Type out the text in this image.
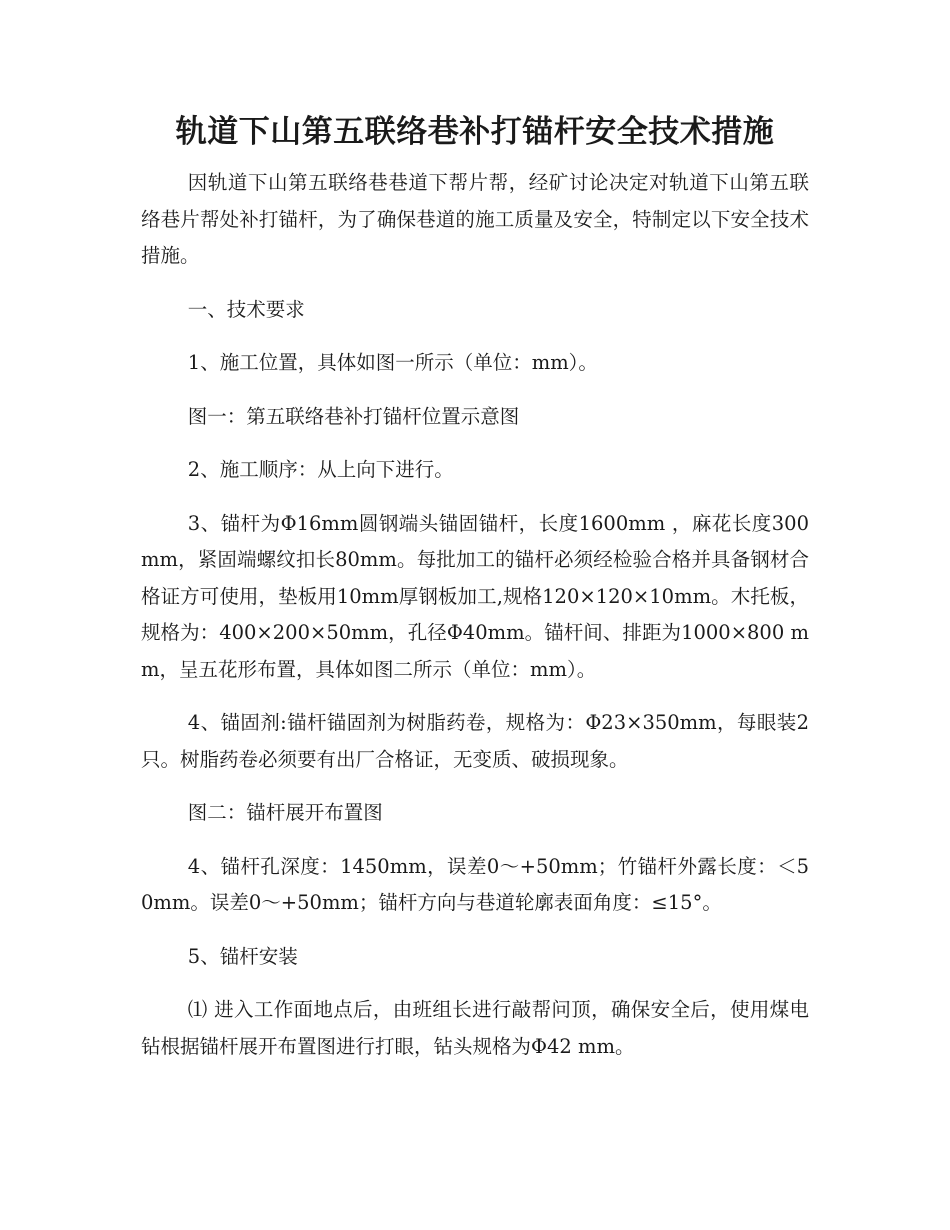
轨道下山第五联络巷补打锚杆安全技术措施

因轨道下山第五联络巷巷道下帮片帮，经矿讨论决定对轨道下山第五联络巷片帮处补打锚杆，为了确保巷道的施工质量及安全，特制定以下安全技术措施。

一、技术要求

1、施工位置，具体如图一所示（单位：mm）。

图一：第五联络巷补打锚杆位置示意图

2、施工顺序：从上向下进行。

3、锚杆为Φ16mm圆钢端头锚固锚杆，长度1600mm ，麻花长度300 mm，紧固端螺纹扣长80mm。每批加工的锚杆必须经检验合格并具备钢材合格证方可使用，垫板用10mm厚钢板加工,规格120×120×10mm。木托板，规格为：400×200×50mm，孔径Φ40mm。锚杆间、排距为1000×800 mm，呈五花形布置，具体如图二所示（单位：mm）。

4、锚固剂:锚杆锚固剂为树脂药卷，规格为：Φ23×350mm，每眼装2只。树脂药卷必须要有出厂合格证，无变质、破损现象。

图二：锚杆展开布置图

4、锚杆孔深度：1450mm，误差0～+50mm；竹锚杆外露长度：＜50mm。误差0～+50mm；锚杆方向与巷道轮廓表面角度：≤15°。

5、锚杆安装

⑴ 进入工作面地点后，由班组长进行敲帮问顶，确保安全后，使用煤电钻根据锚杆展开布置图进行打眼，钻头规格为Φ42 mm。
